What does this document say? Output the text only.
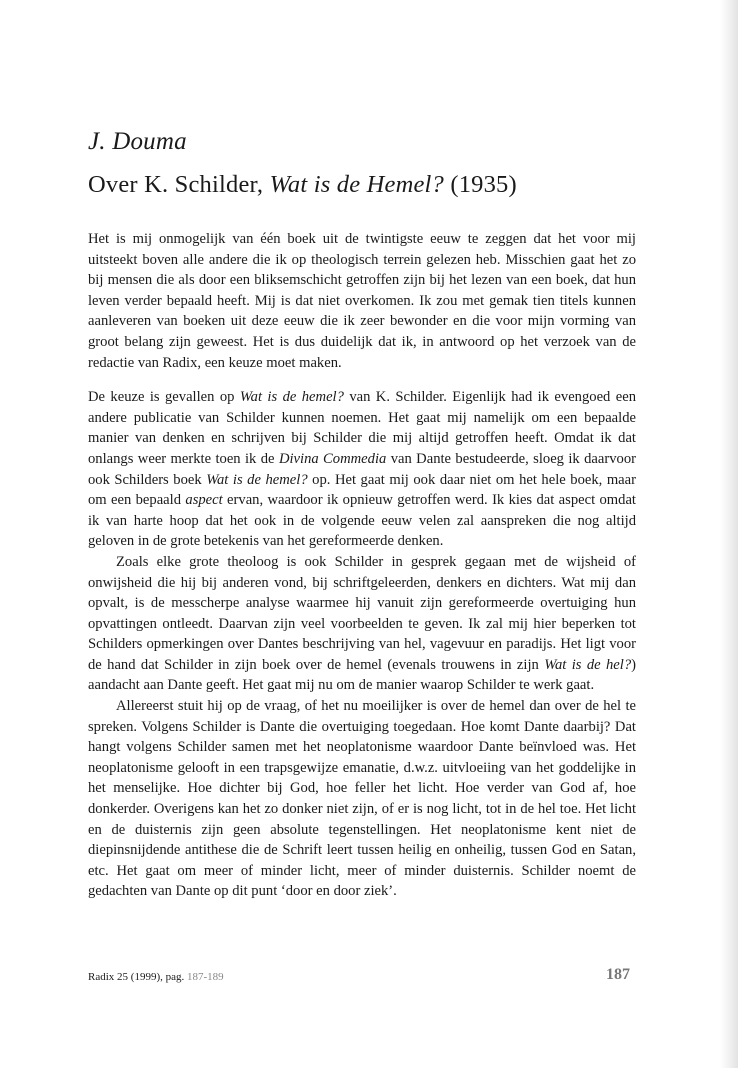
J. Douma
Over K. Schilder, Wat is de Hemel? (1935)

Het is mij onmogelijk van één boek uit de twintigste eeuw te zeggen dat het voor mij uitsteekt boven alle andere die ik op theologisch terrein gelezen heb. Misschien gaat het zo bij mensen die als door een bliksemschicht getroffen zijn bij het lezen van een boek, dat hun leven verder bepaald heeft. Mij is dat niet overkomen. Ik zou met gemak tien titels kunnen aanleveren van boeken uit deze eeuw die ik zeer bewonder en die voor mijn vorming van groot belang zijn geweest. Het is dus duidelijk dat ik, in antwoord op het verzoek van de redactie van Radix, een keuze moet maken.

De keuze is gevallen op Wat is de hemel? van K. Schilder. Eigenlijk had ik evengoed een andere publicatie van Schilder kunnen noemen. Het gaat mij namelijk om een bepaalde manier van denken en schrijven bij Schilder die mij altijd getroffen heeft. Omdat ik dat onlangs weer merkte toen ik de Divina Commedia van Dante bestudeerde, sloeg ik daarvoor ook Schilders boek Wat is de hemel? op. Het gaat mij ook daar niet om het hele boek, maar om een bepaald aspect ervan, waardoor ik opnieuw getroffen werd. Ik kies dat aspect omdat ik van harte hoop dat het ook in de volgende eeuw velen zal aanspreken die nog altijd geloven in de grote betekenis van het gereformeerde denken.

Zoals elke grote theoloog is ook Schilder in gesprek gegaan met de wijsheid of onwijsheid die hij bij anderen vond, bij schriftgeleerden, denkers en dichters. Wat mij dan opvalt, is de messcherpe analyse waarmee hij vanuit zijn gereformeerde overtuiging hun opvattingen ontleedt. Daarvan zijn veel voorbeelden te geven. Ik zal mij hier beperken tot Schilders opmerkingen over Dantes beschrijving van hel, vagevuur en paradijs. Het ligt voor de hand dat Schilder in zijn boek over de hemel (evenals trouwens in zijn Wat is de hel?) aandacht aan Dante geeft. Het gaat mij nu om de manier waarop Schilder te werk gaat.

Allereerst stuit hij op de vraag, of het nu moeilijker is over de hemel dan over de hel te spreken. Volgens Schilder is Dante die overtuiging toegedaan. Hoe komt Dante daarbij? Dat hangt volgens Schilder samen met het neoplatonisme waardoor Dante beïnvloed was. Het neoplatonisme gelooft in een trapsgewijze emanatie, d.w.z. uitvloeiing van het goddelijke in het menselijke. Hoe dichter bij God, hoe feller het licht. Hoe verder van God af, hoe donkerder. Overigens kan het zo donker niet zijn, of er is nog licht, tot in de hel toe. Het licht en de duisternis zijn geen absolute tegenstellingen. Het neoplatonisme kent niet de diepinsnijdende antithese die de Schrift leert tussen heilig en onheilig, tussen God en Satan, etc. Het gaat om meer of minder licht, meer of minder duisternis. Schilder noemt de gedachten van Dante op dit punt ‘door en door ziek’.

Radix 25 (1999), pag. 187-189	187
